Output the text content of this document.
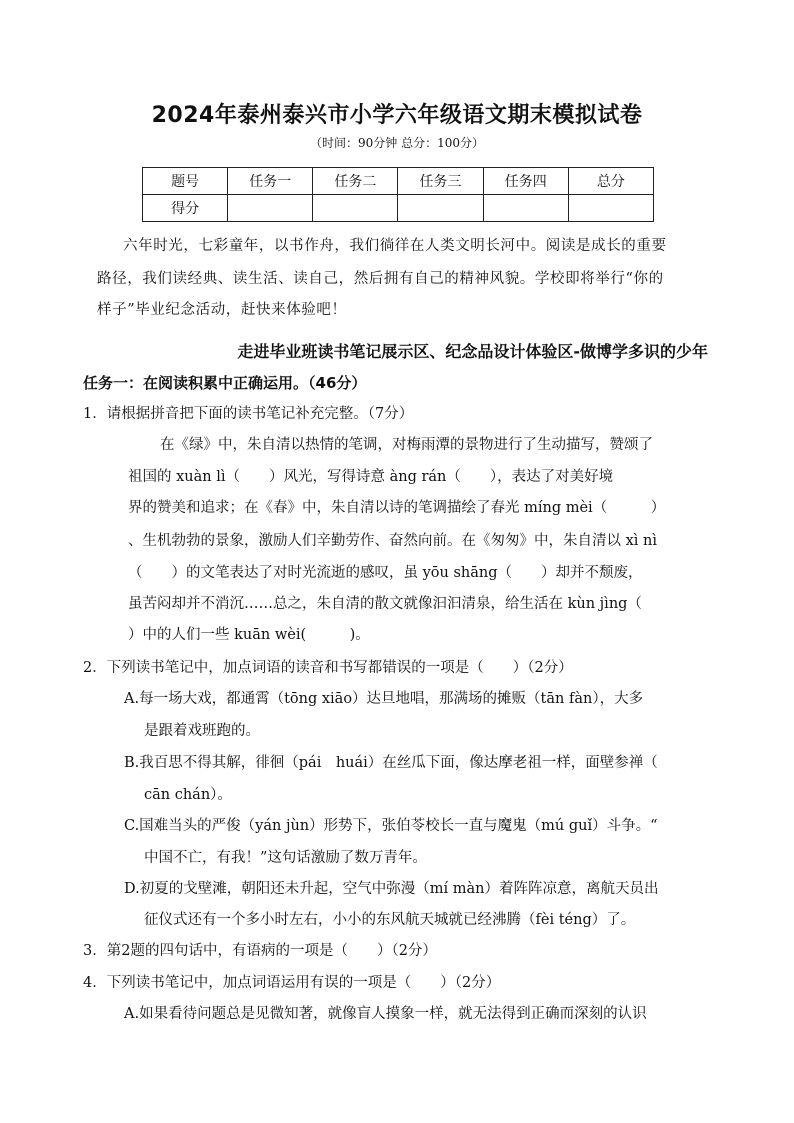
2024年泰州泰兴市小学六年级语文期末模拟试卷
（时间：90分钟 总分：100分）
题号	任务一	任务二	任务三	任务四	总分
得分					
六年时光，七彩童年，以书作舟，我们徜徉在人类文明长河中。阅读是成长的重要
路径，我们读经典、读生活、读自己，然后拥有自己的精神风貌。学校即将举行“你的
样子”毕业纪念活动，赶快来体验吧！
走进毕业班读书笔记展示区、纪念品设计体验区-做博学多识的少年
任务一：在阅读积累中正确运用。（46分）
1．请根据拼音把下面的读书笔记补充完整。（7分）
在《绿》中，朱自清以热情的笔调，对梅雨潭的景物进行了生动描写，赞颂了
祖国的 xuàn lì（　　）风光，写得诗意 àng rán（　　），表达了对美好境
界的赞美和追求；在《春》中，朱自清以诗的笔调描绘了春光 míng mèi（　　　）
、生机勃勃的景象，激励人们辛勤劳作、奋然向前。在《匆匆》中，朱自清以 xì nì
（　　）的文笔表达了对时光流逝的感叹，虽 yōu shāng（　　）却并不颓废，
虽苦闷却并不消沉……总之，朱自清的散文就像汩汩清泉，给生活在 kùn jìng（
）中的人们一些 kuān wèi(　　　)。
2．下列读书笔记中，加点词语的读音和书写都错误的一项是（　　）（2分）
A.每一场大戏，都通霄（tōng xiāo）达旦地唱，那满场的摊贩（tān fàn），大多
是跟着戏班跑的。
B.我百思不得其解，徘徊（pái　huái）在丝瓜下面，像达摩老祖一样，面壁参禅（
cān chán）。
C.国难当头的严俊（yán jùn）形势下，张伯苓校长一直与魔鬼（mú guǐ）斗争。“
中国不亡，有我！”这句话激励了数万青年。
D.初夏的戈壁滩，朝阳还未升起，空气中弥漫（mí màn）着阵阵凉意，离航天员出
征仪式还有一个多小时左右，小小的东风航天城就已经沸腾（fèi téng）了。
3．第2题的四句话中，有语病的一项是（　　）（2分）
4．下列读书笔记中，加点词语运用有误的一项是（　　）（2分）
A.如果看待问题总是见微知著，就像盲人摸象一样，就无法得到正确而深刻的认识
